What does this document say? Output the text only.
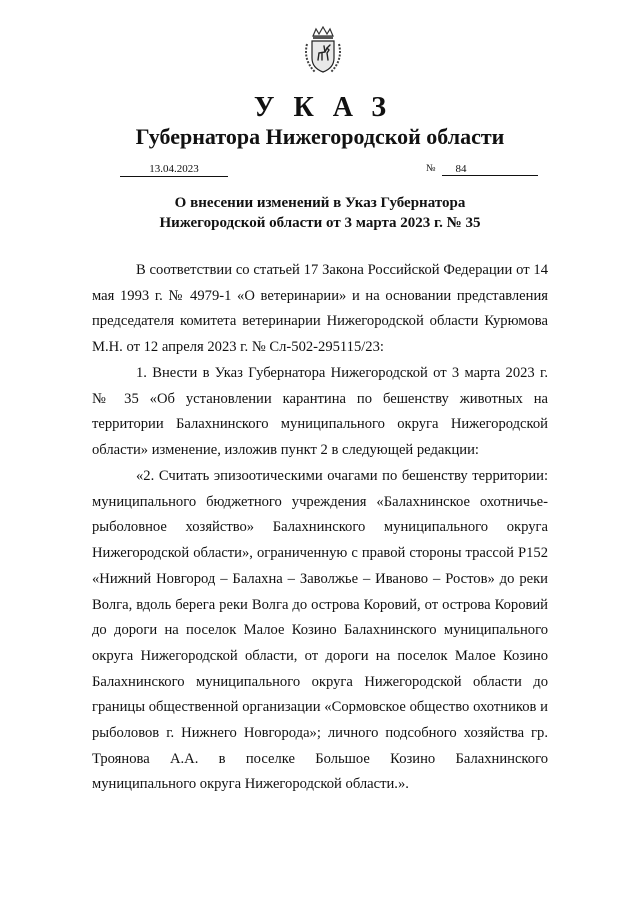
УКАЗ
Губернатора Нижегородской области
13.04.2023	№	84

О внесении изменений в Указ Губернатора Нижегородской области от 3 марта 2023 г. № 35

В соответствии со статьей 17 Закона Российской Федерации от 14 мая 1993 г. № 4979-1 «О ветеринарии» и на основании представления председателя комитета ветеринарии Нижегородской области Курюмова М.Н. от 12 апреля 2023 г. № Сл-502-295115/23:

1. Внести в Указ Губернатора Нижегородской от 3 марта 2023 г. № 35 «Об установлении карантина по бешенству животных на территории Балахнинского муниципального округа Нижегородской области» изменение, изложив пункт 2 в следующей редакции:

«2. Считать эпизоотическими очагами по бешенству территории: муниципального бюджетного учреждения «Балахнинское охотничье-рыболовное хозяйство» Балахнинского муниципального округа Нижегородской области», ограниченную с правой стороны трассой Р152 «Нижний Новгород – Балахна – Заволжье – Иваново – Ростов» до реки Волга, вдоль берега реки Волга до острова Коровий, от острова Коровий до дороги на поселок Малое Козино Балахнинского муниципального округа Нижегородской области, от дороги на поселок Малое Козино Балахнинского муниципального округа Нижегородской области до границы общественной организации «Сормовское общество охотников и рыболовов г. Нижнего Новгорода»; личного подсобного хозяйства гр. Троянова А.А. в поселке Большое Козино Балахнинского муниципального округа Нижегородской области.».
